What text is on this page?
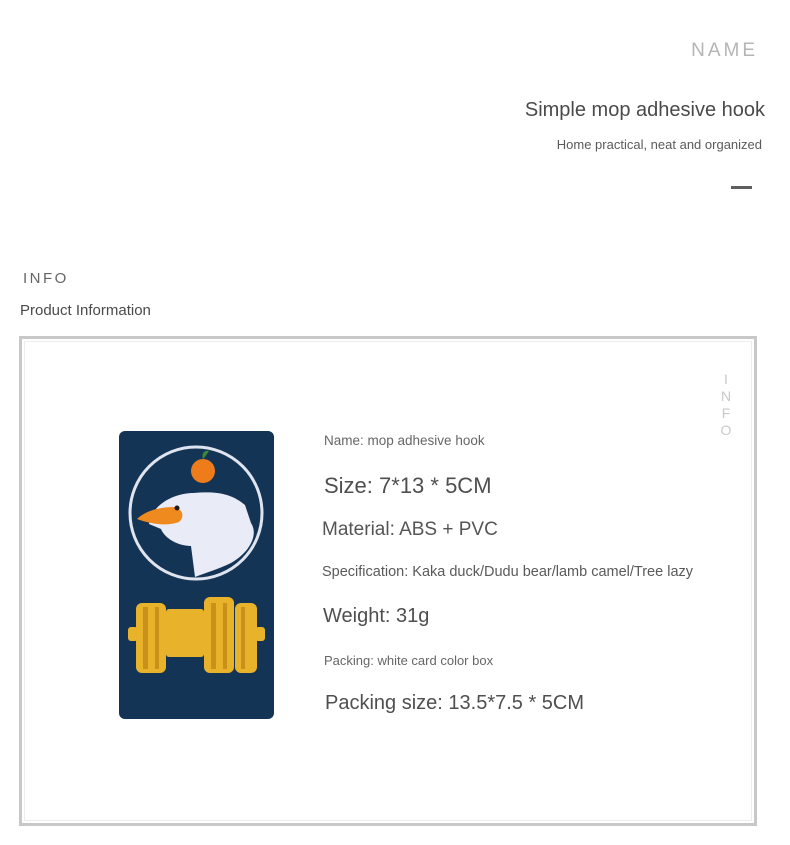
NAME
Simple mop adhesive hook
Home practical, neat and organized
INFO
Product Information
INFO
Name: mop adhesive hook
Size: 7*13 * 5CM
Material: ABS + PVC
Specification: Kaka duck/Dudu bear/lamb camel/Tree lazy
Weight: 31g
Packing: white card color box
Packing size: 13.5*7.5 * 5CM
